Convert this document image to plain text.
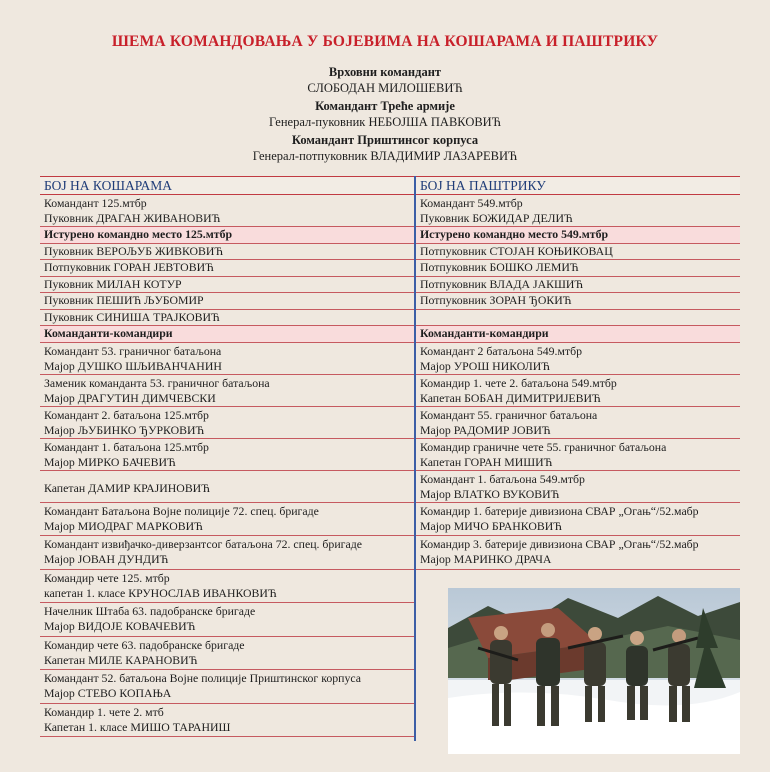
ШЕМА КОМАНДОВАЊА У БОЈЕВИМА НА КОШАРАМА И ПАШТРИКУ
Врховни командант
СЛОБОДАН МИЛОШЕВИЋ
Командант Треће армије
Генерал-пуковник НЕБОЈША ПАВКОВИЋ
Командант Приштинсог корпуса
Генерал-потпуковник ВЛАДИМИР ЛАЗАРЕВИЋ
БОЈ НА КОШАРАМА
Командант 125.мтбр
Пуковник ДРАГАН ЖИВАНОВИЋ
Истурено командно место 125.мтбр
Пуковник ВЕРОЉУБ ЖИВКОВИЋ
Потпуковник ГОРАН ЈЕВТОВИЋ
Пуковник МИЛАН КОТУР
Пуковник ПЕШИЋ ЉУБОМИР
Пуковник СИНИША ТРАЈКОВИЋ
Команданти-командири
Командант 53. граничног батаљона
Мајор ДУШКО ШЉИВАНЧАНИН
Заменик команданта 53. граничног батаљона
Мајор ДРАГУТИН ДИМЧЕВСКИ
Командант 2. батаљона 125.мтбр
Мајор ЉУБИНКО ЂУРКОВИЋ
Командант 1. батаљона 125.мтбр
Мајор МИРКО БАЧЕВИЋ
Капетан ДАМИР КРАЈИНОВИЋ
Командант Батаљона Војне полиције 72. спец. бригаде
Мајор МИОДРАГ МАРКОВИЋ
Командант извиђачко-диверзантсог батаљона 72. спец. бригаде
Мајор ЈОВАН ДУНДИЋ
Командир чете 125. мтбр
капетан 1. класе КРУНОСЛАВ ИВАНКОВИЋ
Начелник Штаба 63. падобранске бригаде
Мајор ВИДОЈЕ КОВАЧЕВИЋ
Командир чете 63. падобранске бригаде
Капетан МИЛЕ КАРАНОВИЋ
Командант 52. батаљона Војне полиције Приштинског корпуса
Мајор СТЕВО КОПАЊА
Командир 1. чете 2. мтб
Капетан 1. класе МИШО ТАРАНИШ
БОЈ НА ПАШТРИКУ
Командант 549.мтбр
Пуковник БОЖИДАР ДЕЛИЋ
Истурено командно место 549.мтбр
Потпуковник СТОЈАН КОЊИКОВАЦ
Потпуковник БОШКО ЛЕМИЋ
Потпуковник ВЛАДА ЈАКШИЋ
Потпуковник ЗОРАН ЂОКИЋ
Команданти-командири
Командант 2 батаљона 549.мтбр
Мајор УРОШ НИКОЛИЋ
Командир 1. чете 2. батаљона 549.мтбр
Капетан БОБАН ДИМИТРИЈЕВИЋ
Командант 55. граничног батаљона
Мајор РАДОМИР ЈОВИЋ
Командир граничне чете 55. граничног батаљона
Капетан ГОРАН МИШИЋ
Командант 1. батаљона 549.мтбр
Мајор ВЛАТКО ВУКОВИЋ
Командир 1. батерије дивизиона СВАР „Огањ“/52.мабр
Мајор МИЧО БРАНКОВИЋ
Командир 3. батерије дивизиона СВАР „Огањ“/52.мабр
Мајор МАРИНКО ДРАЧА
